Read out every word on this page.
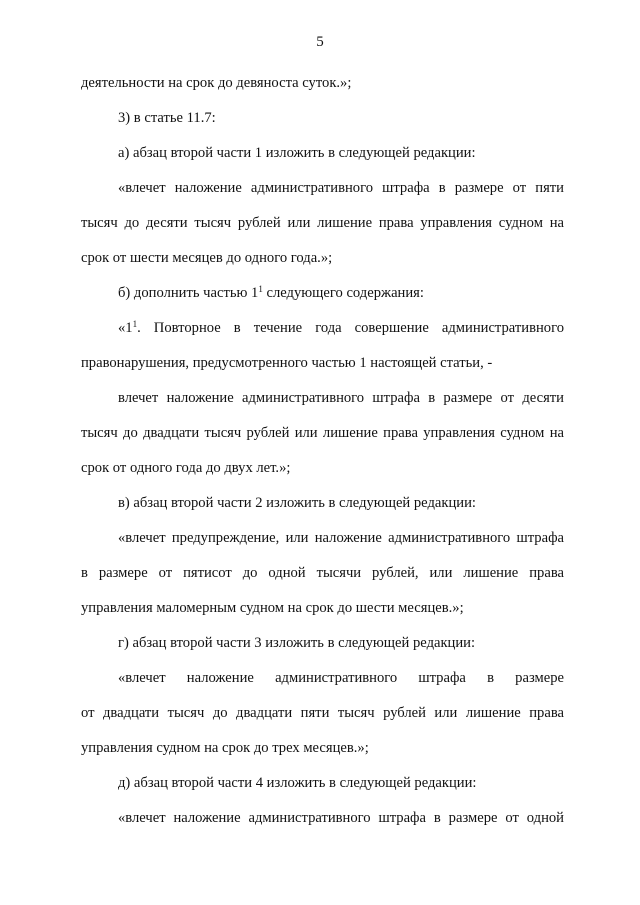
5
деятельности на срок до девяноста суток.»;
3) в статье 11.7:
а) абзац второй части 1 изложить в следующей редакции:
«влечет наложение административного штрафа в размере от пяти
тысяч до десяти тысяч рублей или лишение права управления судном на
срок от шести месяцев до одного года.»;
б) дополнить частью $1^1$ следующего содержания:
«$1^1$. Повторное в течение года совершение административного
правонарушения, предусмотренного частью 1 настоящей статьи, -
влечет наложение административного штрафа в размере от десяти
тысяч до двадцати тысяч рублей или лишение права управления судном на
срок от одного года до двух лет.»;
в) абзац второй части 2 изложить в следующей редакции:
«влечет предупреждение, или наложение административного штрафа
в размере от пятисот до одной тысячи рублей, или лишение права
управления маломерным судном на срок до шести месяцев.»;
г) абзац второй части 3 изложить в следующей редакции:
«влечет наложение административного штрафа в размере
от двадцати тысяч до двадцати пяти тысяч рублей или лишение права
управления судном на срок до трех месяцев.»;
д) абзац второй части 4 изложить в следующей редакции:
«влечет наложение административного штрафа в размере от одной
